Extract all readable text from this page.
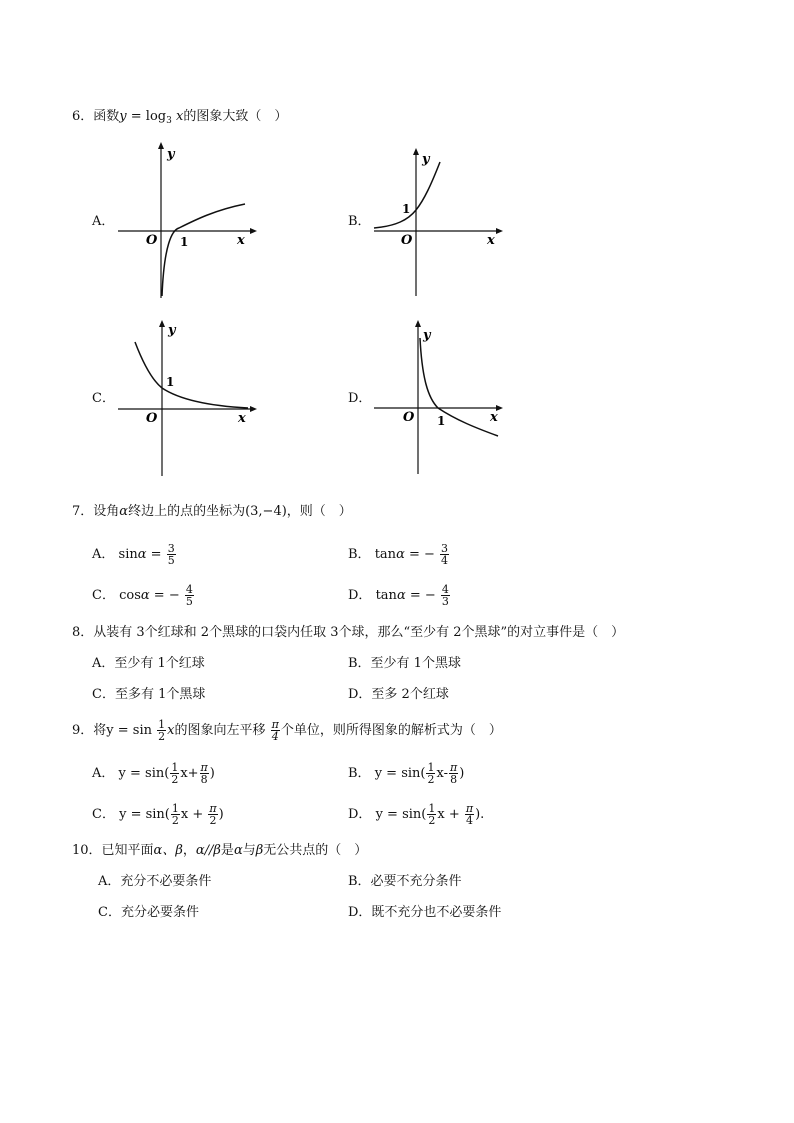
6．函数$y = \log_3 x$的图象大致（　）
A．
y
x
O 1
B．
y
x
O
1
C．
y
x
O
1
D．
y
x
O 1
7．设角α终边上的点的坐标为(3,−4)，则（　）
A． $\sin\alpha = \frac{3}{5}$	B． tanα = − $\frac{3}{4}$
C． cosα = − $\frac{4}{5}$	D． tanα = − $\frac{4}{3}$
8．从装有 3个红球和 2个黑球的口袋内任取 3个球，那么“至少有 2个黑球”的对立事件是（　）
A．至少有 1个红球	B．至少有 1个黑球
C．至多有 1个黑球	D．至多 2个红球
9．将$y = \sin \frac{1}{2}$ x的图象向左平移 $\frac{\pi}{4}$ 个单位，则所得图象的解析式为（　）
A． $y = \sin( \frac{1}{2} x+ \frac{\pi}{8}$ )	B． $y = \sin( \frac{1}{2} x- \frac{\pi}{8}$ )
C． $y = \sin( \frac{1}{2}$ $x + \frac{\pi}{2}$ )	D． $y = \sin( \frac{1}{2}$ $x + \frac{\pi}{4}$ ).
10．已知平面α、β，α//β是α与β无公共点的（　）
A．充分不必要条件	B．必要不充分条件
C．充分必要条件	D．既不充分也不必要条件
